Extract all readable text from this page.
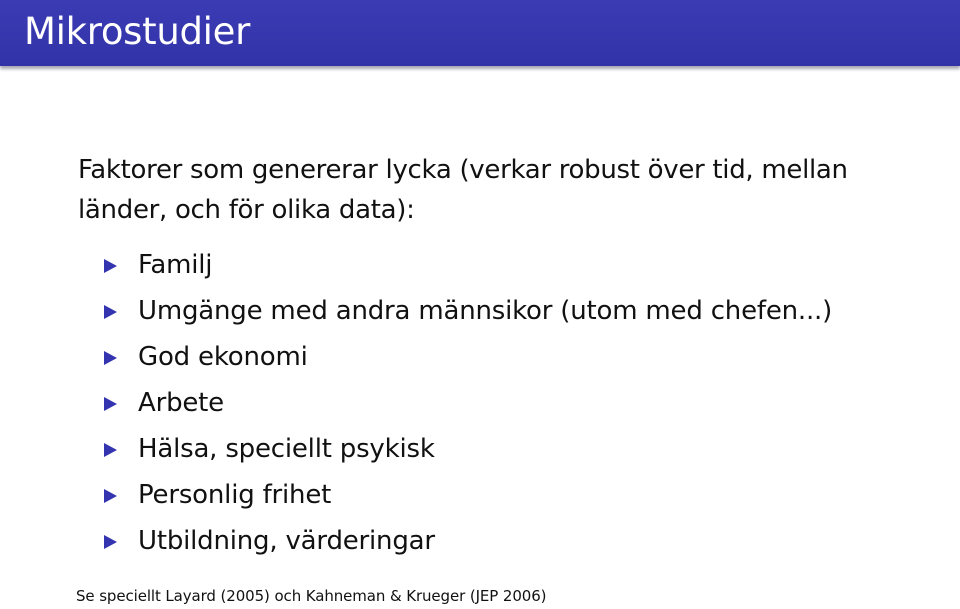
Mikrostudier
Faktorer som genererar lycka (verkar robust över tid, mellan länder, och för olika data):
Familj
Umgänge med andra männsikor (utom med chefen...)
God ekonomi
Arbete
Hälsa, speciellt psykisk
Personlig frihet
Utbildning, värderingar
Se speciellt Layard (2005) och Kahneman & Krueger (JEP 2006)
